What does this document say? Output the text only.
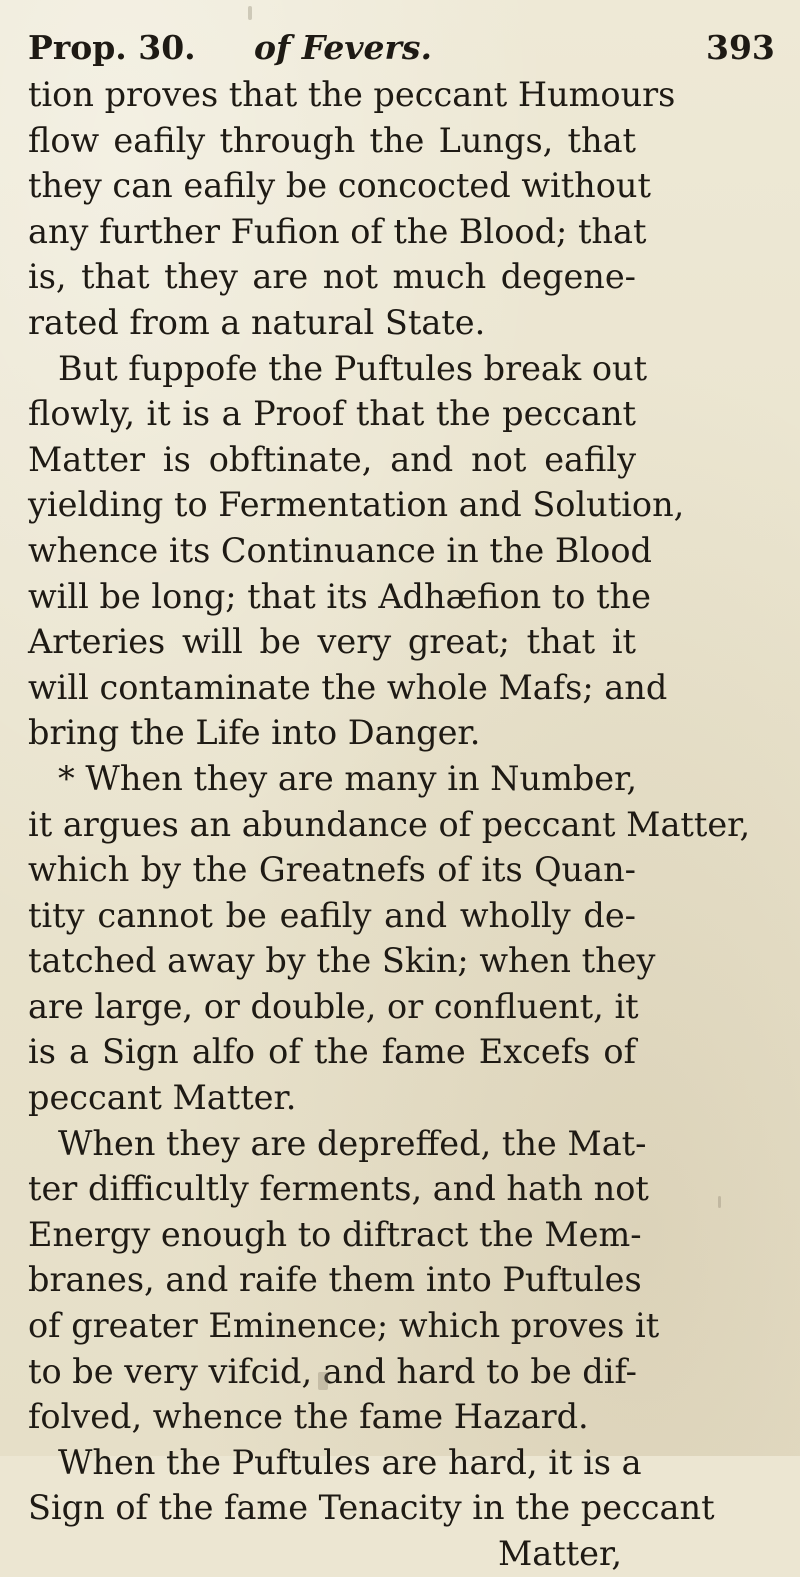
Prop. 30. of Fevers.	393
tion proves that the peccant Humours
flow eafily through the Lungs, that
they can eafily be concocted without
any further Fufion of the Blood; that
is, that they are not much degene-
rated from a natural State.
But fuppofe the Puftules break out
flowly, it is a Proof that the peccant
Matter is obftinate, and not eafily
yielding to Fermentation and Solution,
whence its Continuance in the Blood
will be long; that its Adhæfion to the
Arteries will be very great; that it
will contaminate the whole Mafs; and
bring the Life into Danger.
* When they are many in Number,
it argues an abundance of peccant Matter,
which by the Greatnefs of its Quan-
tity cannot be eafily and wholly de-
tatched away by the Skin; when they
are large, or double, or confluent, it
is a Sign alfo of the fame Excefs of
peccant Matter.
When they are depreffed, the Mat-
ter difficultly ferments, and hath not
Energy enough to diftract the Mem-
branes, and raife them into Puftules
of greater Eminence; which proves it
to be very vifcid, and hard to be dif-
folved, whence the fame Hazard.
When the Puftules are hard, it is a
Sign of the fame Tenacity in the peccant
Matter,
